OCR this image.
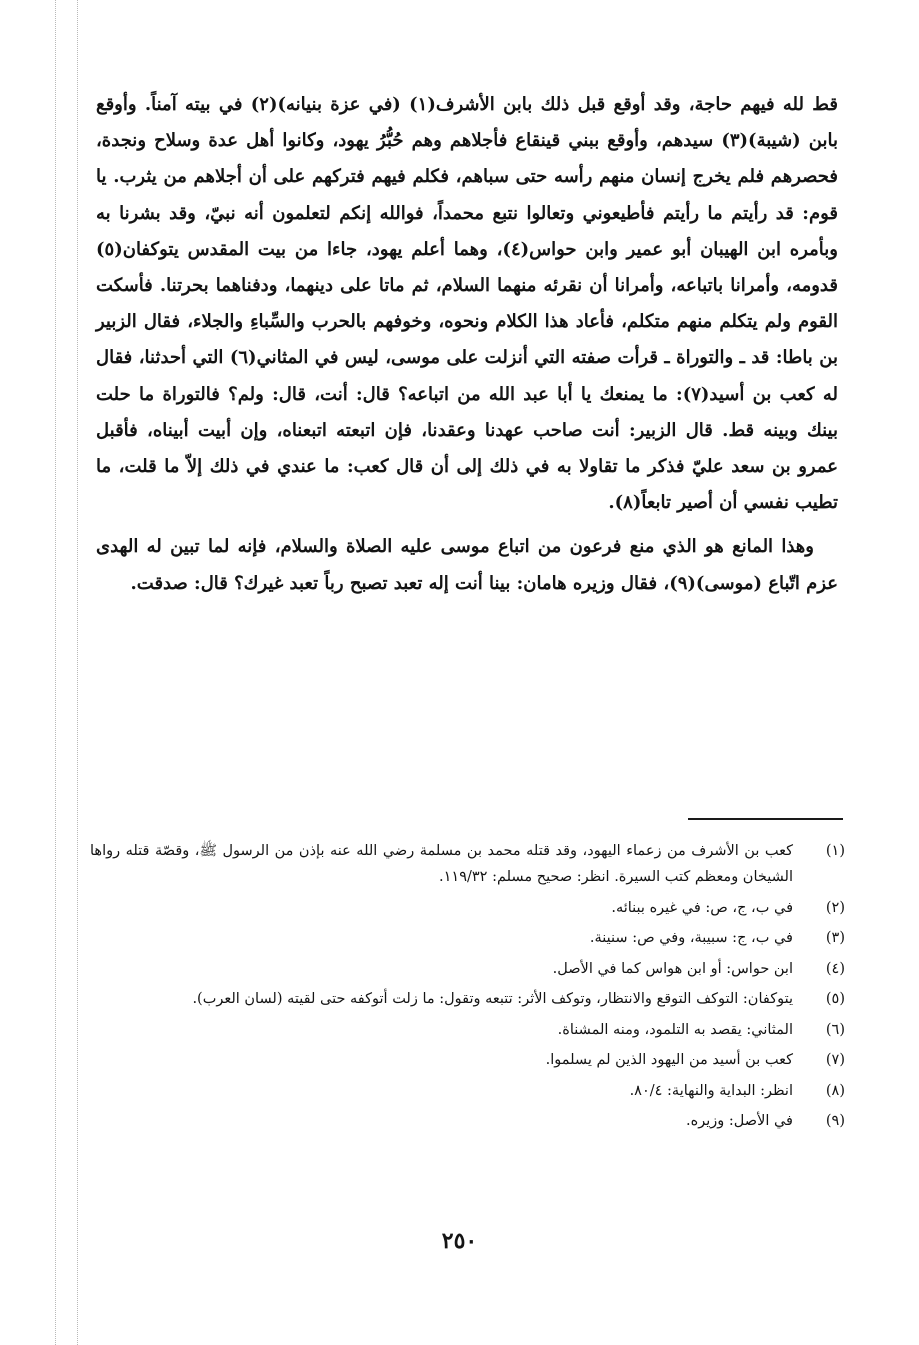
قط لله فيهم حاجة، وقد أوقع قبل ذلك بابن الأشرف(١) (في عزة بنيانه)(٢) في بيته آمناً. وأوقع بابن (شيبة)(٣) سيدهم، وأوقع ببني قينقاع فأجلاهم وهم حُبُّرُ يهود، وكانوا أهل عدة وسلاح ونجدة، فحصرهم فلم يخرج إنسان منهم رأسه حتى سباهم، فكلم فيهم فتركهم على أن أجلاهم من يثرب. يا قوم: قد رأيتم ما رأيتم فأطيعوني وتعالوا نتبع محمداً، فوالله إنكم لتعلمون أنه نبيّ، وقد بشرنا به وبأمره ابن الهيبان أبو عمير وابن حواس(٤)، وهما أعلم يهود، جاءا من بيت المقدس يتوكفان(٥) قدومه، وأمرانا باتباعه، وأمرانا أن نقرئه منهما السلام، ثم ماتا على دينهما، ودفناهما بحرتنا. فأسكت القوم ولم يتكلم منهم متكلم، فأعاد هذا الكلام ونحوه، وخوفهم بالحرب والسِّباءِ والجلاء، فقال الزبير بن باطا: قد ـ والتوراة ـ قرأت صفته التي أنزلت على موسى، ليس في المثاني(٦) التي أحدثنا، فقال له كعب بن أسيد(٧): ما يمنعك يا أبا عبد الله من اتباعه؟ قال: أنت، قال: ولم؟ فالتوراة ما حلت بينك وبينه قط. قال الزبير: أنت صاحب عهدنا وعقدنا، فإن اتبعته اتبعناه، وإن أبيت أبيناه، فأقبل عمرو بن سعد عليّ فذكر ما تقاولا به في ذلك إلى أن قال كعب: ما عندي في ذلك إلاّ ما قلت، ما تطيب نفسي أن أصير تابعاً(٨).

وهذا المانع هو الذي منع فرعون من اتباع موسى عليه الصلاة والسلام، فإنه لما تبين له الهدى عزم اتّباع (موسى)(٩)، فقال وزيره هامان: بينا أنت إله تعبد تصبح رباً تعبد غيرك؟ قال: صدقت.

(١)
كعب بن الأشرف من زعماء اليهود، وقد قتله محمد بن مسلمة رضي الله عنه بإذن من الرسول ﷺ، وقصّة قتله رواها الشيخان ومعظم كتب السيرة. انظر: صحيح مسلم: ١١٩/٣٢.
(٢)
في ب، ج، ص: في غيره ببنائه.
(٣)
في ب، ج: سبيبة، وفي ص: سنينة.
(٤)
ابن حواس: أو ابن هواس كما في الأصل.
(٥)
يتوكفان: التوكف التوقع والانتظار، وتوكف الأثر: تتبعه وتقول: ما زلت أتوكفه حتى لقيته (لسان العرب).
(٦)
المثاني: يقصد به التلمود، ومنه المشناة.
(٧)
كعب بن أسيد من اليهود الذين لم يسلموا.
(٨)
انظر: البداية والنهاية: ٨٠/٤.
(٩)
في الأصل: وزيره.
٢٥٠
